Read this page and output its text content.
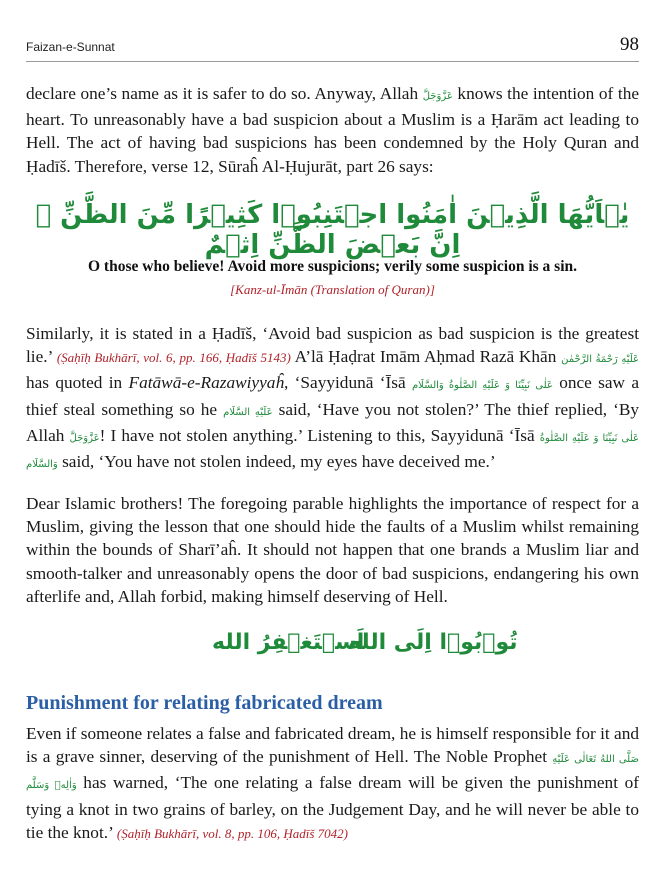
Faizan-e-Sunnat	98

declare one’s name as it is safer to do so. Anyway, Allah عَزَّوَجَلَّ knows the intention of the heart. To unreasonably have a bad suspicion about a Muslim is a Ḥarām act leading to Hell. The act of having bad suspicions has been condemned by the Holy Quran and Ḥadīš. Therefore, verse 12, Sūraĥ Al-Ḥujurāt, part 26 says:

يٰۤاَيُّهَا الَّذِيۡنَ اٰمَنُوا اجۡتَنِبُوۡا كَثِيۡرًا مِّنَ الظَّنِّ ۫ اِنَّ بَعۡضَ الظَّنِّ اِثۡمٌ
O those who believe! Avoid more suspicions; verily some suspicion is a sin.
[Kanz-ul-Īmān (Translation of Quran)]

Similarly, it is stated in a Ḥadīš, ‘Avoid bad suspicion as bad suspicion is the greatest lie.’ (Ṣaḥīḥ Bukhārī, vol. 6, pp. 166, Ḥadīš 5143) A’lā Ḥaḍrat Imām Aḥmad Razā Khān عَلَيْهِ رَحْمَةُ الرَّحْمٰن has quoted in Fatāwā-e-Razawiyyaĥ, ‘Sayyidunā ‘Īsā عَلٰى نَبِيِّنَا وَ عَلَيْهِ الصَّلٰوةُ وَالسَّلَام once saw a thief steal something so he عَلَيْهِ السَّلَام said, ‘Have you not stolen?’ The thief replied, ‘By Allah عَزَّوَجَلَّ! I have not stolen anything.’ Listening to this, Sayyidunā ‘Īsā عَلٰى نَبِيِّنَا وَ عَلَيْهِ الصَّلٰوةُ وَالسَّلَام said, ‘You have not stolen indeed, my eyes have deceived me.’

Dear Islamic brothers! The foregoing parable highlights the importance of respect for a Muslim, giving the lesson that one should hide the faults of a Muslim whilst remaining within the bounds of Sharī’aĥ. It should not happen that one brands a Muslim liar and smooth-talker and unreasonably opens the door of bad suspicions, endangering his own afterlife and, Allah forbid, making himself deserving of Hell.

تُوۡبُوۡا اِلَى الله
اَسۡتَغۡفِرُ الله
Punishment for relating fabricated dream

Even if someone relates a false and fabricated dream, he is himself responsible for it and is a grave sinner, deserving of the punishment of Hell. The Noble Prophet صَلَّى اللهُ تَعَالٰى عَلَيْهِ وَاٰلِهٖ وَسَلَّم has warned, ‘The one relating a false dream will be given the punishment of tying a knot in two grains of barley, on the Judgement Day, and he will never be able to tie the knot.’ (Ṣaḥīḥ Bukhārī, vol. 8, pp. 106, Ḥadīš 7042)
